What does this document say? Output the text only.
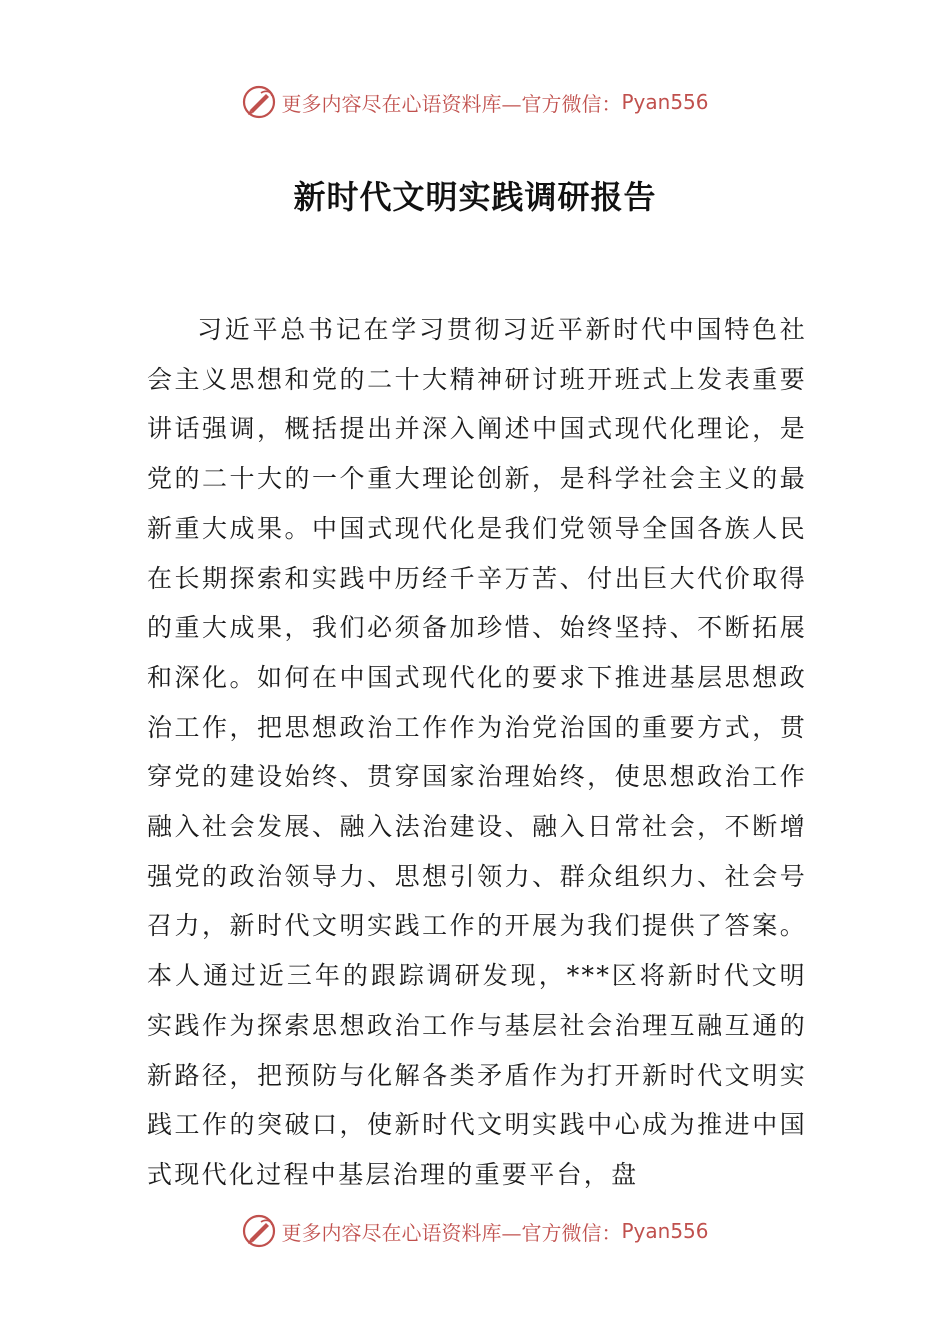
更多内容尽在心语资料库—官方微信： Pyan556
新时代文明实践调研报告

习近平总书记在学习贯彻习近平新时代中国特色社会主义思想和党的二十大精神研讨班开班式上发表重要讲话强调，概括提出并深入阐述中国式现代化理论，是党的二十大的一个重大理论创新，是科学社会主义的最新重大成果。中国式现代化是我们党领导全国各族人民在长期探索和实践中历经千辛万苦、付出巨大代价取得的重大成果，我们必须备加珍惜、始终坚持、不断拓展和深化。如何在中国式现代化的要求下推进基层思想政治工作，把思想政治工作作为治党治国的重要方式，贯穿党的建设始终、贯穿国家治理始终，使思想政治工作融入社会发展、融入法治建设、融入日常社会，不断增强党的政治领导力、思想引领力、群众组织力、社会号召力，新时代文明实践工作的开展为我们提供了答案。本人通过近三年的跟踪调研发现，***区将新时代文明实践作为探索思想政治工作与基层社会治理互融互通的新路径，把预防与化解各类矛盾作为打开新时代文明实践工作的突破口，使新时代文明实践中心成为推进中国式现代化过程中基层治理的重要平台，盘

更多内容尽在心语资料库—官方微信： Pyan556
